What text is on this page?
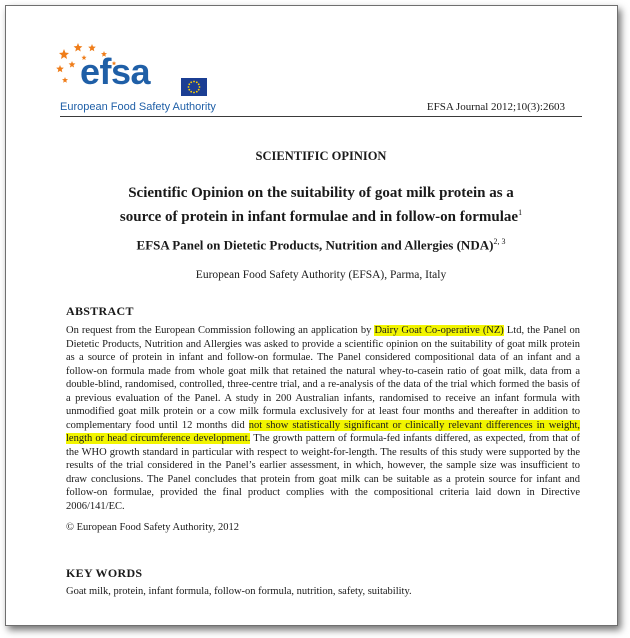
efsa
European Food Safety Authority	EFSA Journal 2012;10(3):2603
SCIENTIFIC OPINION
Scientific Opinion on the suitability of goat milk protein as a source of protein in infant formulae and in follow-on formulae$^1$
EFSA Panel on Dietetic Products, Nutrition and Allergies (NDA)$^{2, 3}$
European Food Safety Authority (EFSA), Parma, Italy
ABSTRACT

On request from the European Commission following an application by Dairy Goat Co-operative (NZ) Ltd, the Panel on Dietetic Products, Nutrition and Allergies was asked to provide a scientific opinion on the suitability of goat milk protein as a source of protein in infant and follow-on formulae. The Panel considered compositional data of an infant and a follow-on formula made from whole goat milk that retained the natural whey-to-casein ratio of goat milk, data from a double-blind, randomised, controlled, three-centre trial, and a re-analysis of the data of the trial which formed the basis of a previous evaluation of the Panel. A study in 200 Australian infants, randomised to receive an infant formula with unmodified goat milk protein or a cow milk formula exclusively for at least four months and thereafter in addition to complementary food until 12 months did not show statistically significant or clinically relevant differences in weight, length or head circumference development. The growth pattern of formula-fed infants differed, as expected, from that of the WHO growth standard in particular with respect to weight-for-length. The results of this study were supported by the results of the trial considered in the Panel’s earlier assessment, in which, however, the sample size was insufficient to draw conclusions. The Panel concludes that protein from goat milk can be suitable as a protein source for infant and follow-on formulae, provided the final product complies with the compositional criteria laid down in Directive 2006/141/EC.

© European Food Safety Authority, 2012
KEY WORDS
Goat milk, protein, infant formula, follow-on formula, nutrition, safety, suitability.
